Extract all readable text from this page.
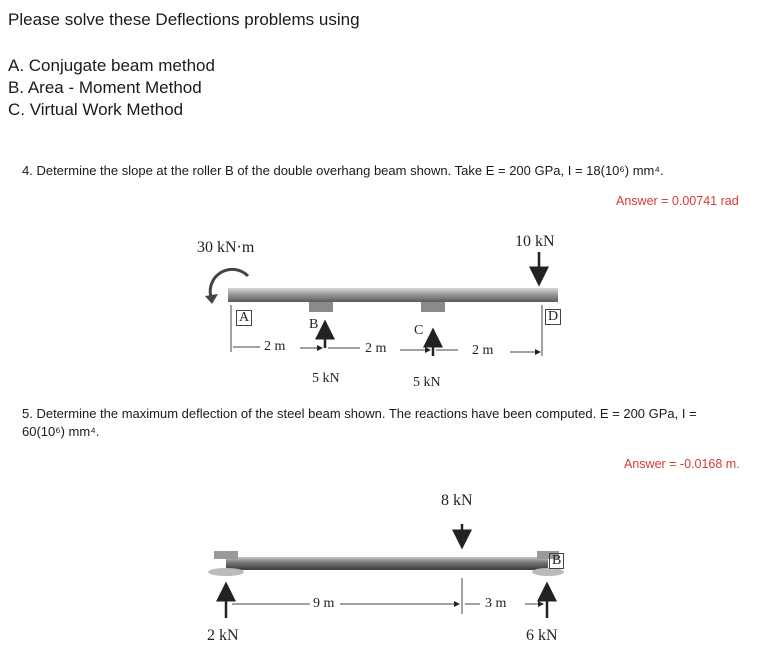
Please solve these Deflections problems using
A. Conjugate beam method
B. Area - Moment Method
C. Virtual Work Method
4. Determine the slope at the roller B of the double overhang beam shown. Take E = 200 GPa, I = 18(10⁶) mm⁴.
Answer = 0.00741 rad
30 kN·m	10 kN
A	B	C
D
2 m	2 m	2 m
5 kN	5 kN
5. Determine the maximum deflection of the steel beam shown. The reactions have been computed. E = 200 GPa, I =
60(10⁶) mm⁴.
Answer = -0.0168 m.
8 kN
B
9 m	3 m
2 kN	6 kN
